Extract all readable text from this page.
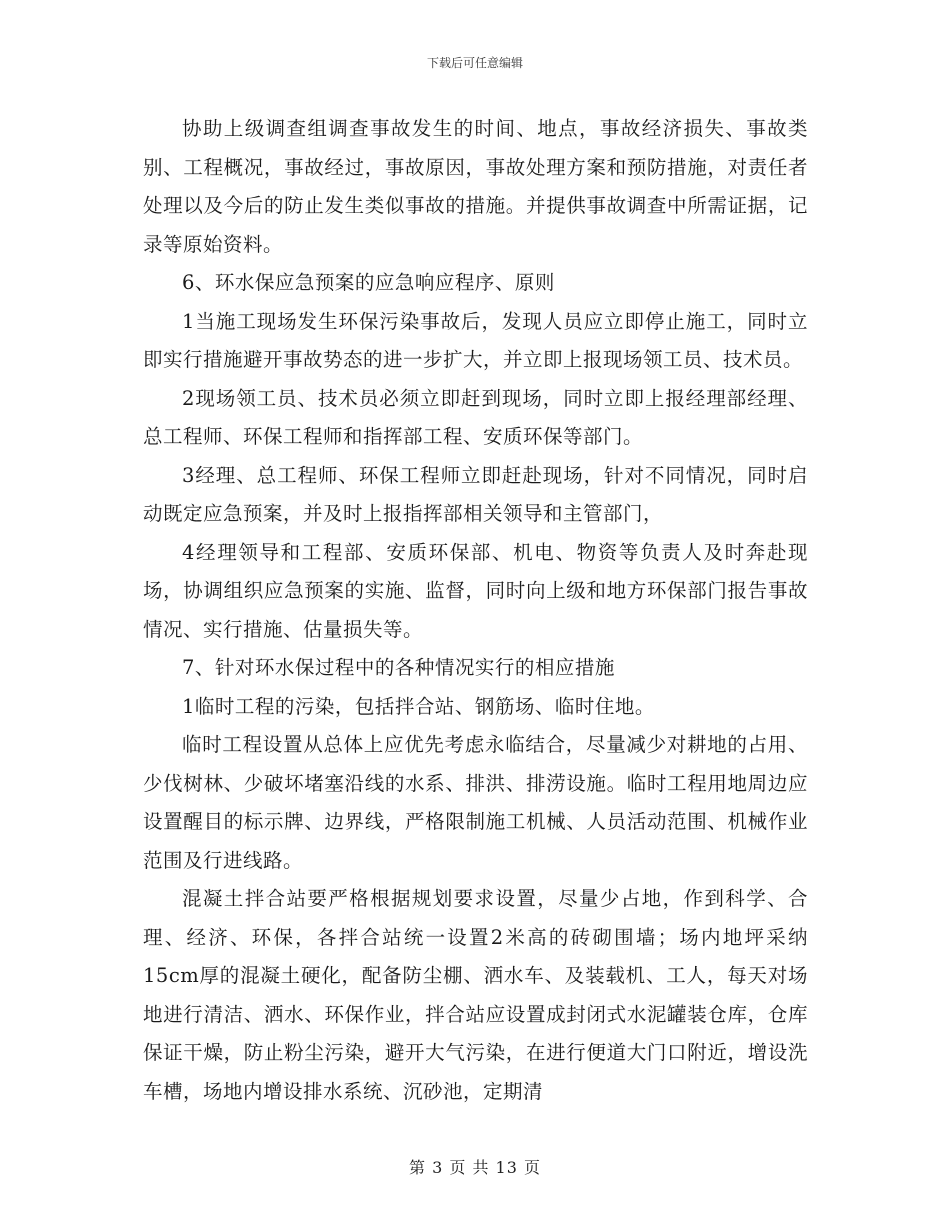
下载后可任意编辑

协助上级调查组调查事故发生的时间、地点，事故经济损失、事故类别、工程概况，事故经过，事故原因，事故处理方案和预防措施，对责任者处理以及今后的防止发生类似事故的措施。并提供事故调查中所需证据，记录等原始资料。

6、环水保应急预案的应急响应程序、原则

1当施工现场发生环保污染事故后，发现人员应立即停止施工，同时立即实行措施避开事故势态的进一步扩大，并立即上报现场领工员、技术员。

2现场领工员、技术员必须立即赶到现场，同时立即上报经理部经理、总工程师、环保工程师和指挥部工程、安质环保等部门。

3经理、总工程师、环保工程师立即赶赴现场，针对不同情况，同时启动既定应急预案，并及时上报指挥部相关领导和主管部门，

4经理领导和工程部、安质环保部、机电、物资等负责人及时奔赴现场，协调组织应急预案的实施、监督，同时向上级和地方环保部门报告事故情况、实行措施、估量损失等。

7、针对环水保过程中的各种情况实行的相应措施

1临时工程的污染，包括拌合站、钢筋场、临时住地。

临时工程设置从总体上应优先考虑永临结合，尽量减少对耕地的占用、少伐树林、少破坏堵塞沿线的水系、排洪、排涝设施。临时工程用地周边应设置醒目的标示牌、边界线，严格限制施工机械、人员活动范围、机械作业范围及行进线路。

混凝土拌合站要严格根据规划要求设置，尽量少占地，作到科学、合理、经济、环保，各拌合站统一设置2米高的砖砌围墙；场内地坪采纳15cm厚的混凝土硬化，配备防尘棚、洒水车、及装载机、工人，每天对场地进行清洁、洒水、环保作业，拌合站应设置成封闭式水泥罐装仓库，仓库保证干燥，防止粉尘污染，避开大气污染，在进行便道大门口附近，增设洗车槽，场地内增设排水系统、沉砂池，定期清

第 3 页 共 13 页
